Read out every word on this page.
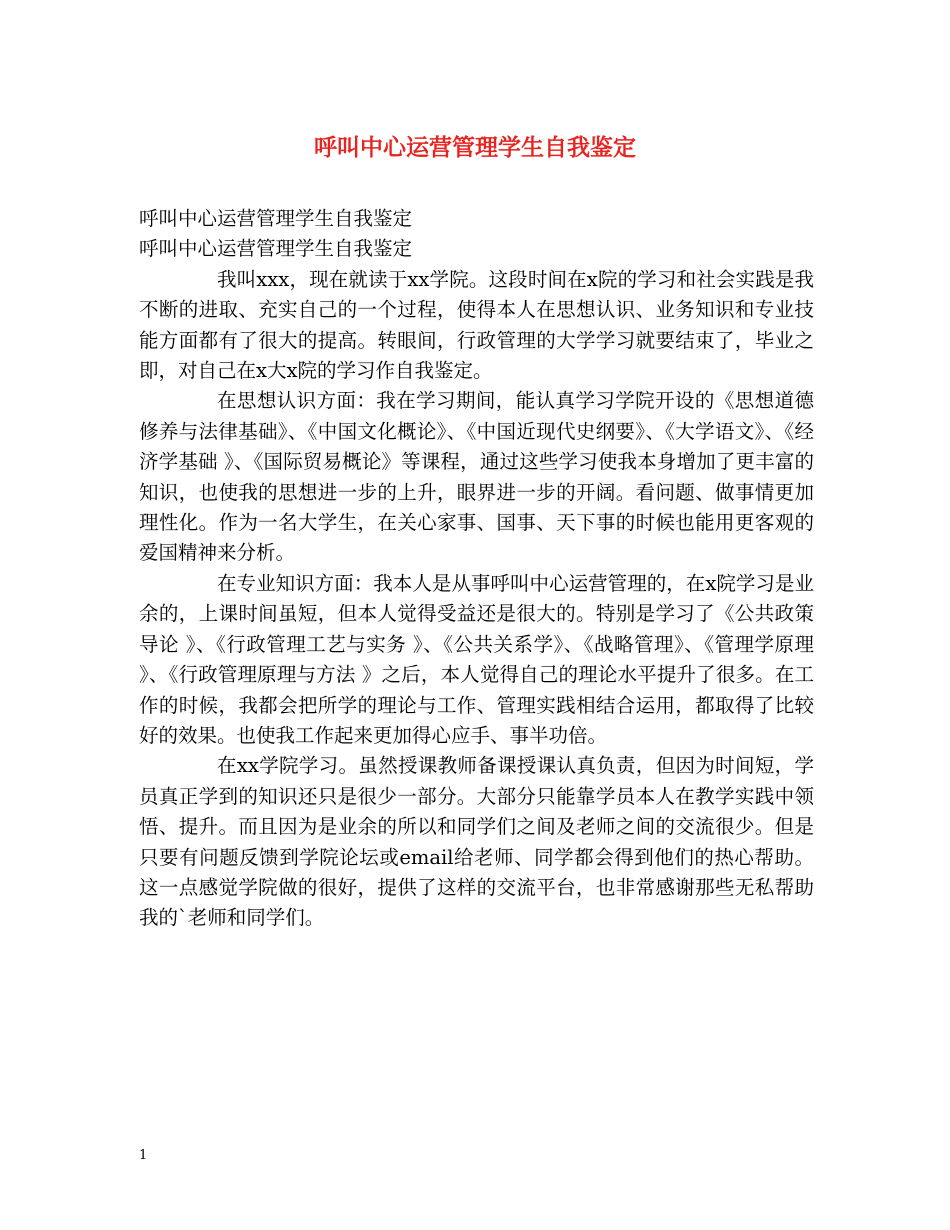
呼叫中心运营管理学生自我鉴定

呼叫中心运营管理学生自我鉴定

呼叫中心运营管理学生自我鉴定

我叫xxx，现在就读于xx学院。这段时间在x院的学习和社会实践是我不断的进取、充实自己的一个过程，使得本人在思想认识、业务知识和专业技能方面都有了很大的提高。转眼间，行政管理的大学学习就要结束了，毕业之即，对自己在x大x院的学习作自我鉴定。

在思想认识方面：我在学习期间，能认真学习学院开设的《思想道德修养与法律基础》、《中国文化概论》、《中国近现代史纲要》、《大学语文》、《经济学基础 》、《国际贸易概论》等课程，通过这些学习使我本身增加了更丰富的知识，也使我的思想进一步的上升，眼界进一步的开阔。看问题、做事情更加理性化。作为一名大学生，在关心家事、国事、天下事的时候也能用更客观的爱国精神来分析。

在专业知识方面：我本人是从事呼叫中心运营管理的，在x院学习是业余的，上课时间虽短，但本人觉得受益还是很大的。特别是学习了《公共政策导论 》、《行政管理工艺与实务 》、《公共关系学》、《战略管理》、《管理学原理 》、《行政管理原理与方法 》之后，本人觉得自己的理论水平提升了很多。在工作的时候，我都会把所学的理论与工作、管理实践相结合运用，都取得了比较好的效果。也使我工作起来更加得心应手、事半功倍。

在xx学院学习。虽然授课教师备课授课认真负责，但因为时间短，学员真正学到的知识还只是很少一部分。大部分只能靠学员本人在教学实践中领悟、提升。而且因为是业余的所以和同学们之间及老师之间的交流很少。但是只要有问题反馈到学院论坛或email给老师、同学都会得到他们的热心帮助。这一点感觉学院做的很好，提供了这样的交流平台，也非常感谢那些无私帮助我的`老师和同学们。

1
